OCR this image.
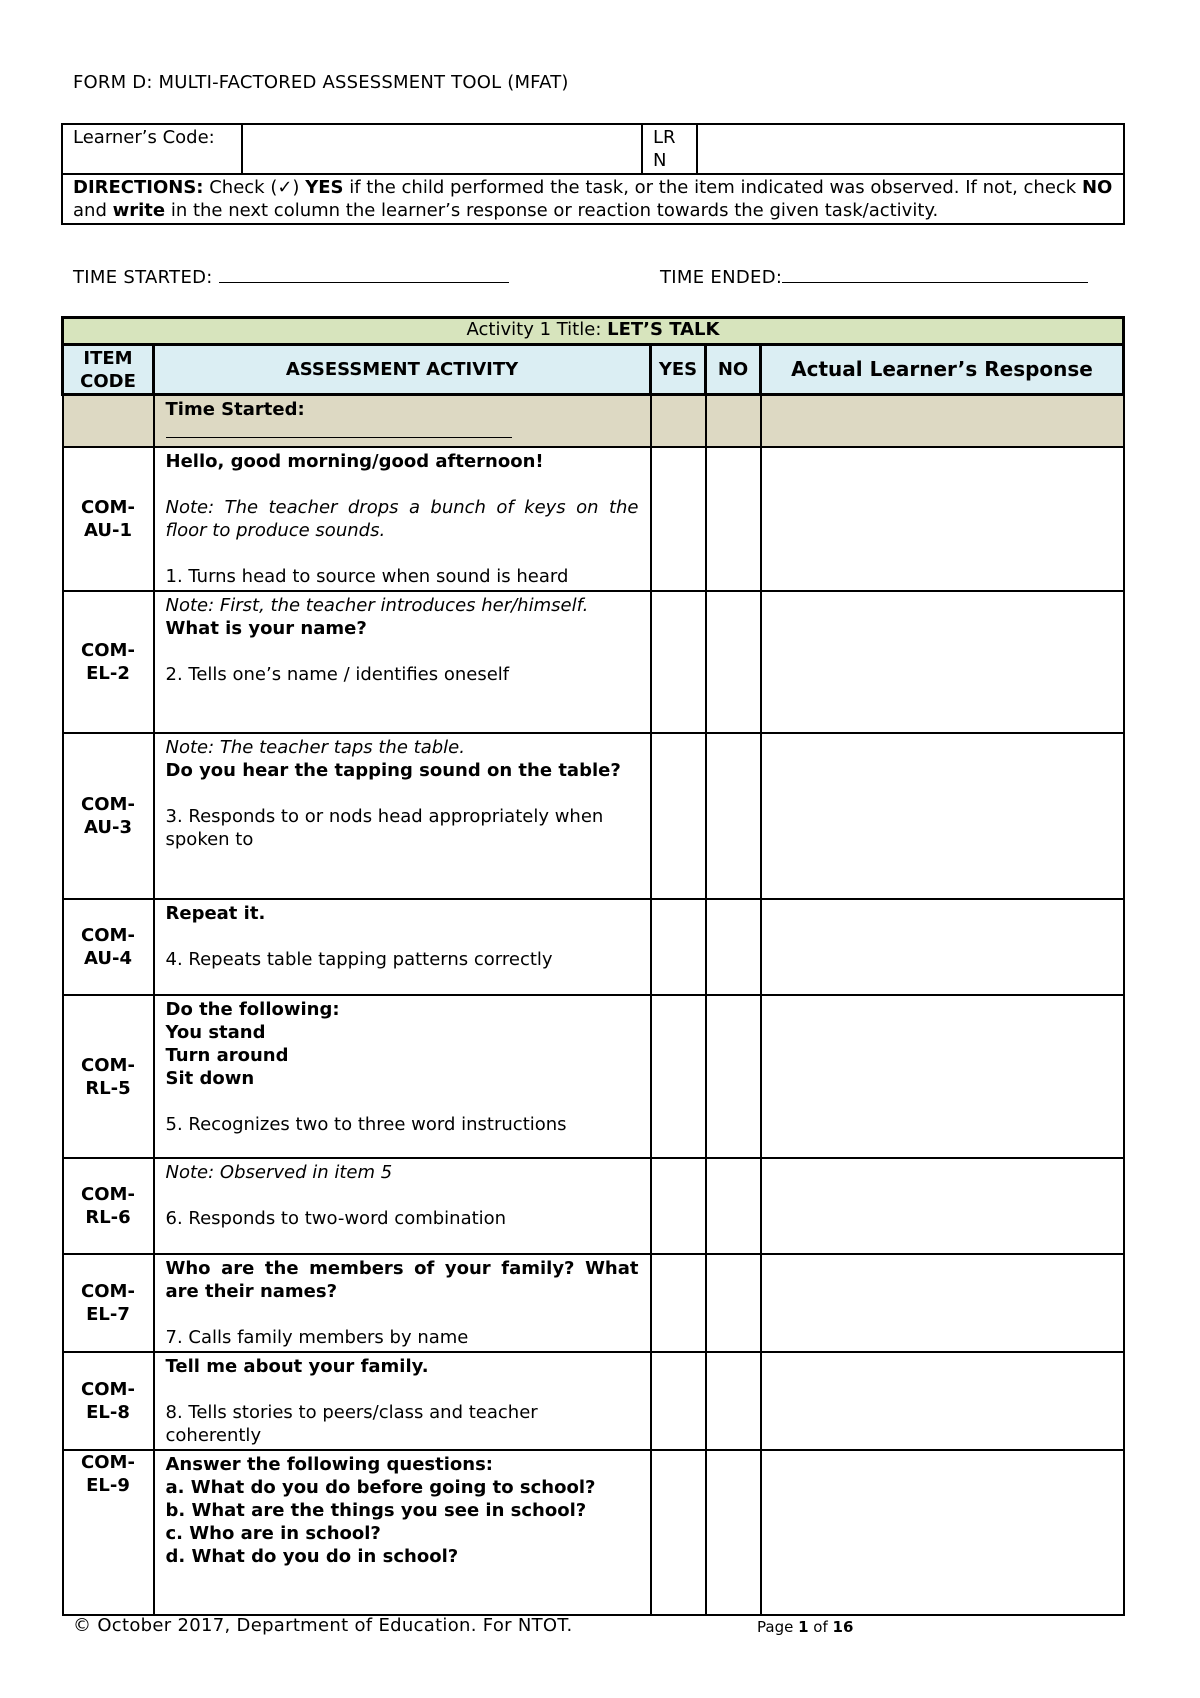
FORM D: MULTI-FACTORED ASSESSMENT TOOL (MFAT)
Learner’s Code:		LRN	
DIRECTIONS: Check (✓) YES if the child performed the task, or the item indicated was observed. If not, check NO and write in the next column the learner’s response or reaction towards the given task/activity.
TIME STARTED:	TIME ENDED:
Activity 1 Title: LET’S TALK				
ITEM CODE	ASSESSMENT ACTIVITY	YES	NO	Actual Learner’s Response
	Time Started:

COM-AU-1	Hello, good morning/good afternoon!
Note: The teacher drops a bunch of keys on the floor to produce sounds.
1. Turns head to source when sound is heard			

COM-EL-2	Note: First, the teacher introduces her/himself.
What is your name?
2. Tells one’s name / identifies oneself			

COM-AU-3	Note: The teacher taps the table.
Do you hear the tapping sound on the table?
3. Responds to or nods head appropriately when spoken to			

COM-AU-4	Repeat it.
4. Repeats table tapping patterns correctly			

COM-RL-5	Do the following:
You stand
Turn around
Sit down
5. Recognizes two to three word instructions			

COM-RL-6	Note: Observed in item 5
6. Responds to two-word combination			

COM-EL-7	Who are the members of your family? What are their names?
7. Calls family members by name			

COM-EL-8	Tell me about your family.
8. Tells stories to peers/class and teacher coherently			

COM-EL-9	Answer the following questions:
a. What do you do before going to school?
b. What are the things you see in school?
c. Who are in school?
d. What do you do in school?			

© October 2017, Department of Education. For NTOT.	Page 1 of 16
